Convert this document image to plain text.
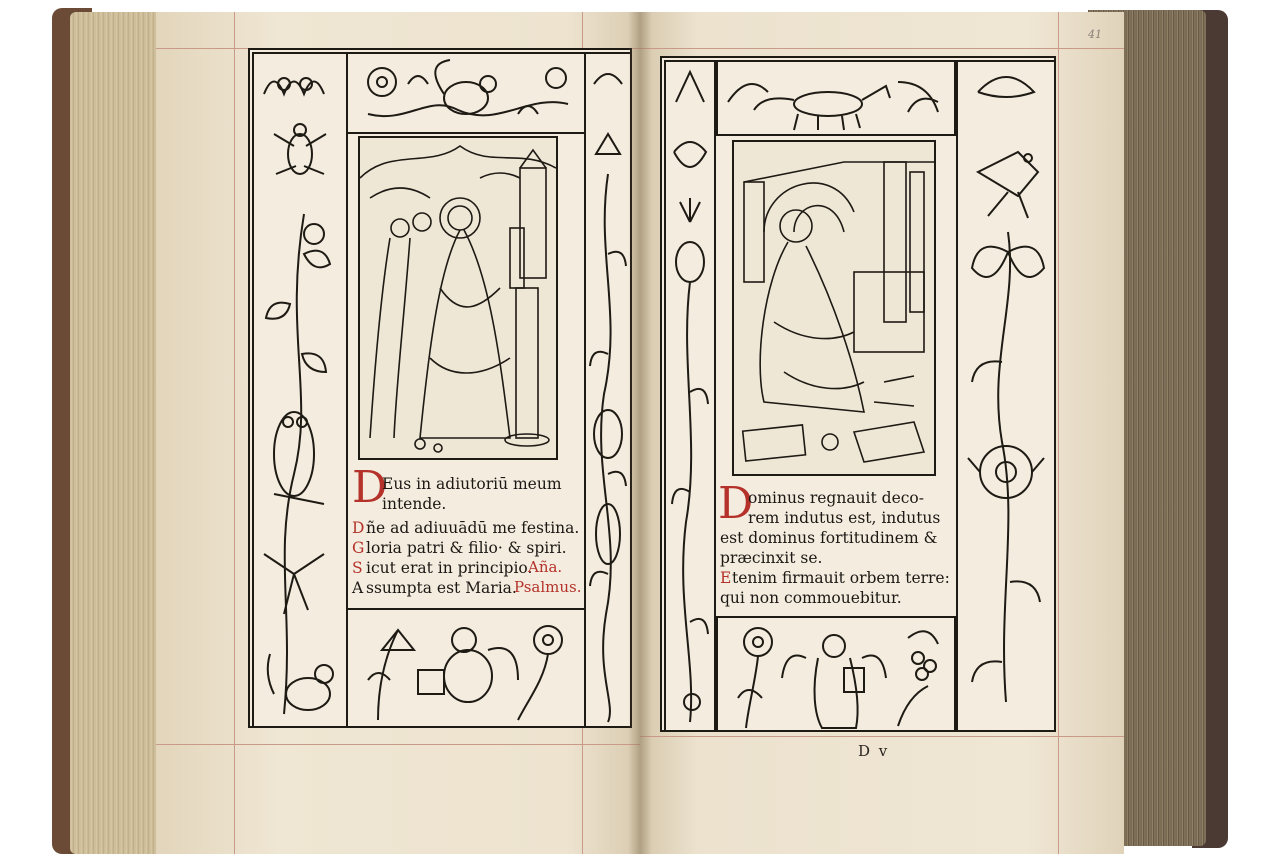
D
Eus in adiutoriū meum
intende.
D
G
S
A
ñe ad adiuuādū me festina.
loria patri & filio· & spiri.
icut erat in principio.
ssumpta est Maria.
Aña.
Psalmus.
41
D
ominus regnauit deco-
rem indutus est, indutus
est dominus fortitudinem &
præcinxit se.
E tenim firmauit orbem terre:
qui non commouebitur.
D v
